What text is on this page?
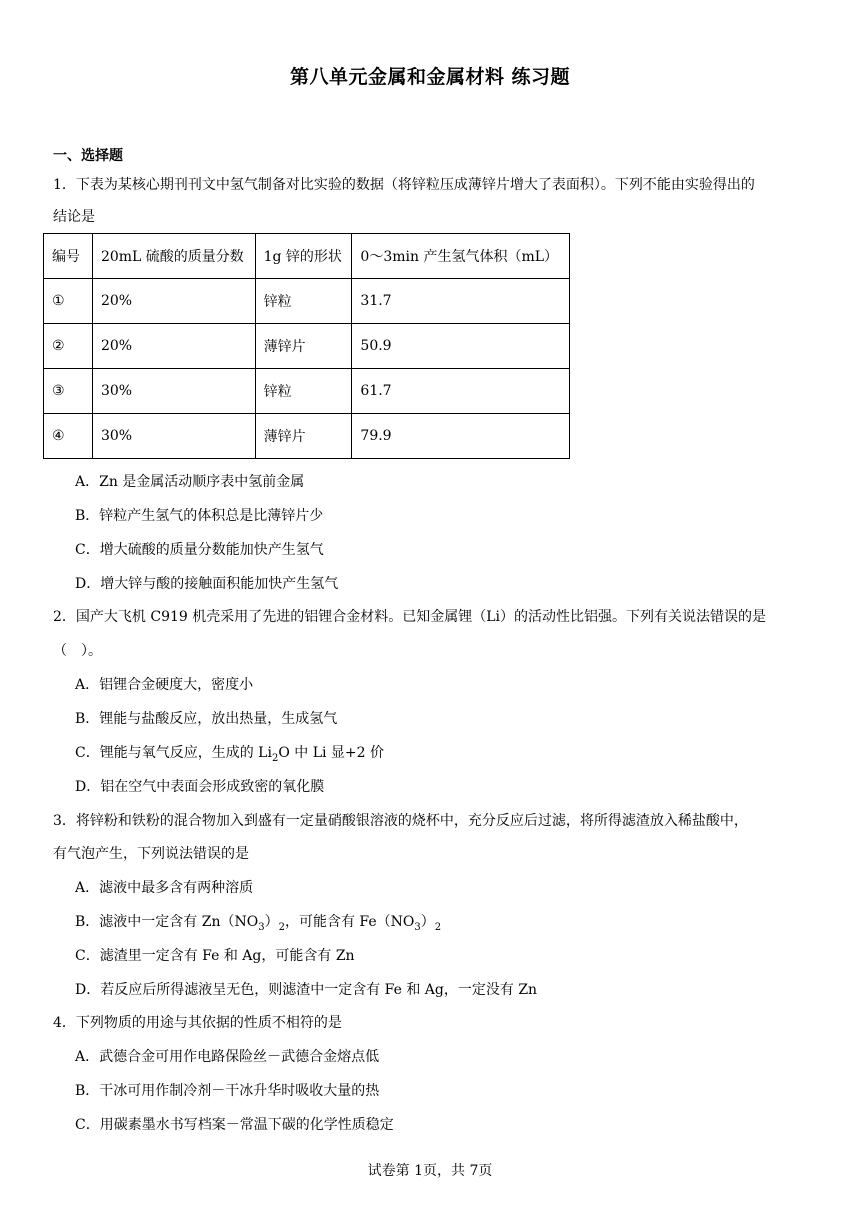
第八单元金属和金属材料 练习题
一、选择题
1．下表为某核心期刊刊文中氢气制备对比实验的数据（将锌粒压成薄锌片增大了表面积）。下列不能由实验得出的
结论是
编号	20mL 硫酸的质量分数	1g 锌的形状	0～3min 产生氢气体积（mL）
①	20%	锌粒	31.7
②	20%	薄锌片	50.9
③	30%	锌粒	61.7
④	30%	薄锌片	79.9
A．Zn 是金属活动顺序表中氢前金属
B．锌粒产生氢气的体积总是比薄锌片少
C．增大硫酸的质量分数能加快产生氢气
D．增大锌与酸的接触面积能加快产生氢气
2．国产大飞机 C919 机壳采用了先进的铝锂合金材料。已知金属锂（Li）的活动性比铝强。下列有关说法错误的是
（　）。
A．铝锂合金硬度大，密度小
B．锂能与盐酸反应，放出热量，生成氢气
C．锂能与氧气反应，生成的 $Li_2O$ 中 Li 显+2 价
D．铝在空气中表面会形成致密的氧化膜
3．将锌粉和铁粉的混合物加入到盛有一定量硝酸银溶液的烧杯中，充分反应后过滤，将所得滤渣放入稀盐酸中，
有气泡产生，下列说法错误的是
A．滤液中最多含有两种溶质
B．滤液中一定含有 $Zn(NO_3)_2$，可能含有 $Fe(NO_3)_2$
C．滤渣里一定含有 Fe 和 Ag，可能含有 Zn
D．若反应后所得滤液呈无色，则滤渣中一定含有 Fe 和 Ag，一定没有 Zn
4．下列物质的用途与其依据的性质不相符的是
A．武德合金可用作电路保险丝－武德合金熔点低
B．干冰可用作制冷剂－干冰升华时吸收大量的热
C．用碳素墨水书写档案－常温下碳的化学性质稳定
试卷第 1页，共 7页
